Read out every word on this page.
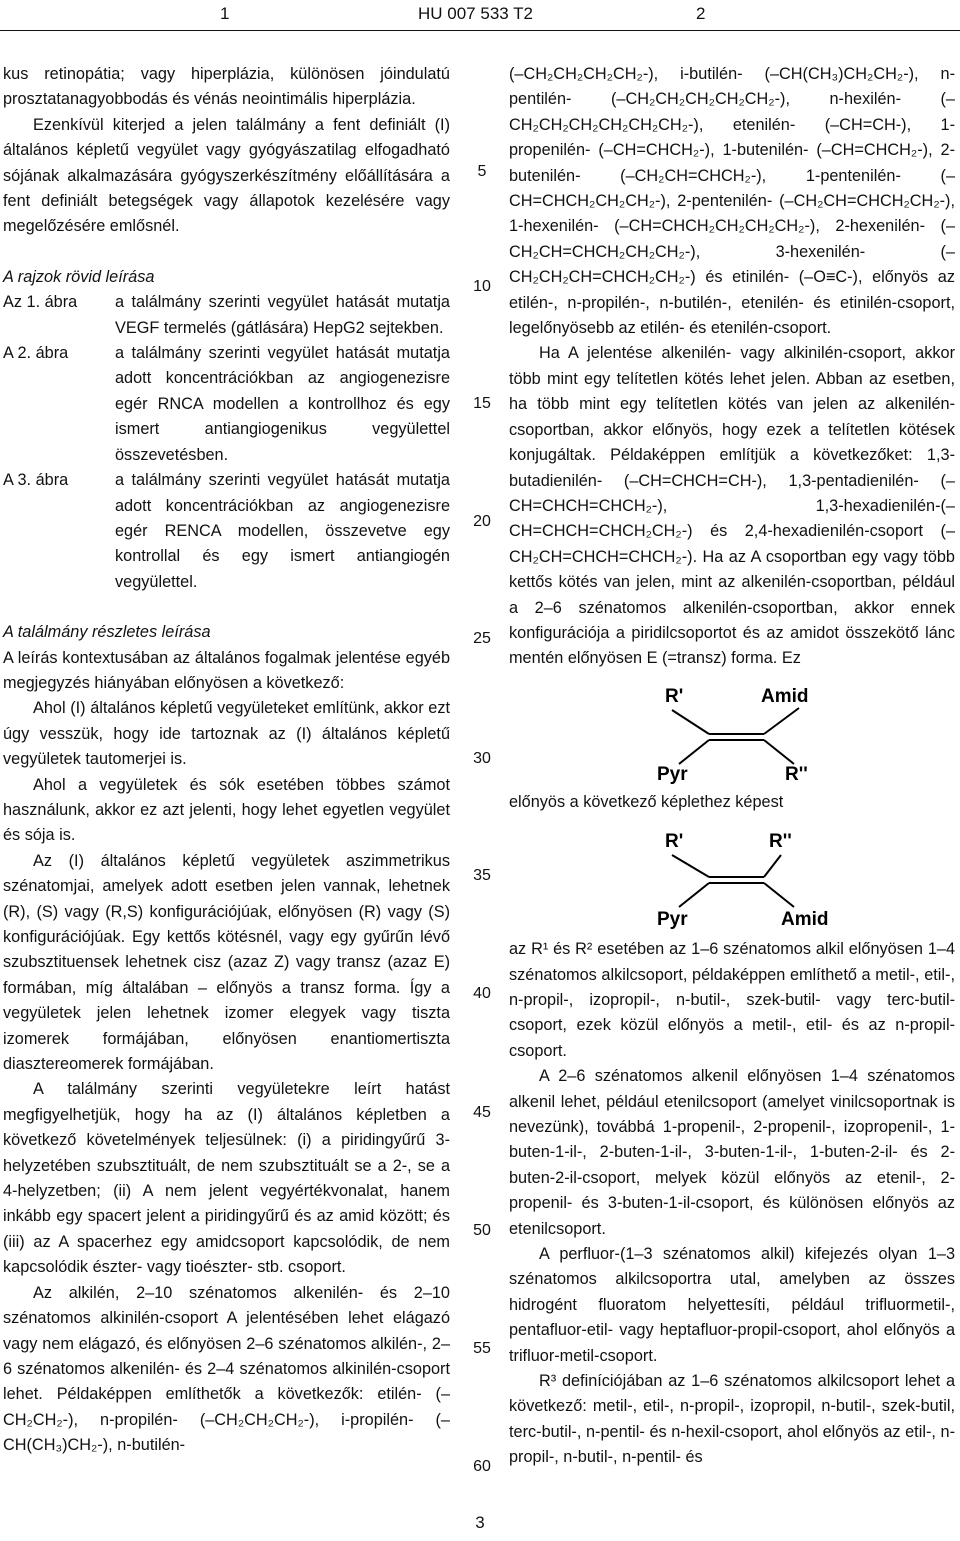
1	HU 007 533 T2	2

kus retinopátia; vagy hiperplázia, különösen jóindulatú prosztatanagyobbodás és vénás neointimális hiperplázia.

Ezenkívül kiterjed a jelen találmány a fent definiált (I) általános képletű vegyület vagy gyógyászatilag elfogadható sójának alkalmazására gyógyszerkészítmény előállítására a fent definiált betegségek vagy állapotok kezelésére vagy megelőzésére emlősnél.

A rajzok rövid leírása

Az 1. ábra	a találmány szerinti vegyület hatását mutatja VEGF termelés (gátlására) HepG2 sejtekben.
A 2. ábra	a találmány szerinti vegyület hatását mutatja adott koncentrációkban az angiogenezisre egér RNCA modellen a kontrollhoz és egy ismert antiangiogenikus vegyülettel összevetésben.
A 3. ábra	a találmány szerinti vegyület hatását mutatja adott koncentrációkban az angiogenezisre egér RENCA modellen, összevetve egy kontrollal és egy ismert antiangiogén vegyülettel.

A találmány részletes leírása

A leírás kontextusában az általános fogalmak jelentése egyéb megjegyzés hiányában előnyösen a következő:

Ahol (I) általános képletű vegyületeket említünk, akkor ezt úgy vesszük, hogy ide tartoznak az (I) általános képletű vegyületek tautomerjei is.

Ahol a vegyületek és sók esetében többes számot használunk, akkor ez azt jelenti, hogy lehet egyetlen vegyület és sója is.

Az (I) általános képletű vegyületek aszimmetrikus szénatomjai, amelyek adott esetben jelen vannak, lehetnek (R), (S) vagy (R,S) konfigurációjúak, előnyösen (R) vagy (S) konfigurációjúak. Egy kettős kötésnél, vagy egy gyűrűn lévő szubsztituensek lehetnek cisz (azaz Z) vagy transz (azaz E) formában, míg általában – előnyös a transz forma. Így a vegyületek jelen lehetnek izomer elegyek vagy tiszta izomerek formájában, előnyösen enantiomertiszta diasztereomerek formájában.

A találmány szerinti vegyületekre leírt hatást megfigyelhetjük, hogy ha az (I) általános képletben a következő követelmények teljesülnek: (i) a piridingyűrű 3-helyzetében szubsztituált, de nem szubsztituált se a 2-, se a 4-helyzetben; (ii) A nem jelent vegyértékvonalat, hanem inkább egy spacert jelent a piridingyűrű és az amid között; és (iii) az A spacerhez egy amidcsoport kapcsolódik, de nem kapcsolódik észter- vagy tioészter- stb. csoport.

Az alkilén, 2–10 szénatomos alkenilén- és 2–10 szénatomos alkinilén-csoport A jelentésében lehet elágazó vagy nem elágazó, és előnyösen 2–6 szénatomos alkilén-, 2–6 szénatomos alkenilén- és 2–4 szénatomos alkinilén-csoport lehet. Példaképpen említhetők a következők: etilén- (–CH₂CH₂-), n-propilén- (–CH₂CH₂CH₂-), i-propilén- (–CH(CH₃)CH₂-), n-butilén-

5
10
15
20
25
30
35
40
45
50
55
60

(–CH₂CH₂CH₂CH₂-), i-butilén- (–CH(CH₃)CH₂CH₂-), n-pentilén- (–CH₂CH₂CH₂CH₂CH₂-), n-hexilén- (–CH₂CH₂CH₂CH₂CH₂CH₂-), etenilén- (–CH=CH-), 1-propenilén- (–CH=CHCH₂-), 1-butenilén- (–CH=CHCH₂-), 2-butenilén- (–CH₂CH=CHCH₂-), 1-pentenilén- (–CH=CHCH₂CH₂CH₂-), 2-pentenilén- (–CH₂CH=CHCH₂CH₂-), 1-hexenilén- (–CH=CHCH₂CH₂CH₂CH₂-), 2-hexenilén- (–CH₂CH=CHCH₂CH₂CH₂-), 3-hexenilén- (–CH₂CH₂CH=CHCH₂CH₂-) és etinilén- (–O≡C-), előnyös az etilén-, n-propilén-, n-butilén-, etenilén- és etinilén-csoport, legelőnyösebb az etilén- és etenilén-csoport.

Ha A jelentése alkenilén- vagy alkinilén-csoport, akkor több mint egy telítetlen kötés lehet jelen. Abban az esetben, ha több mint egy telítetlen kötés van jelen az alkenilén-csoportban, akkor előnyös, hogy ezek a telítetlen kötések konjugáltak. Példaképpen említjük a következőket: 1,3-butadienilén- (–CH=CHCH=CH-), 1,3-pentadienilén- (–CH=CHCH=CHCH₂-), 1,3-hexadienilén-(–CH=CHCH=CHCH₂CH₂-) és 2,4-hexadienilén-csoport (–CH₂CH=CHCH=CHCH₂-). Ha az A csoportban egy vagy több kettős kötés van jelen, mint az alkenilén-csoportban, például a 2–6 szénatomos alkenilén-csoportban, akkor ennek konfigurációja a piridilcsoportot és az amidot összekötő lánc mentén előnyösen E (=transz) forma. Ez

R'	Amid
Pyr	R''

előnyös a következő képlethez képest

R'	R''
Pyr	Amid

az R¹ és R² esetében az 1–6 szénatomos alkil előnyösen 1–4 szénatomos alkilcsoport, példaképpen említhető a metil-, etil-, n-propil-, izopropil-, n-butil-, szek-butil- vagy terc-butil-csoport, ezek közül előnyös a metil-, etil- és az n-propil-csoport.

A 2–6 szénatomos alkenil előnyösen 1–4 szénatomos alkenil lehet, például etenilcsoport (amelyet vinilcsoportnak is nevezünk), továbbá 1-propenil-, 2-propenil-, izopropenil-, 1-buten-1-il-, 2-buten-1-il-, 3-buten-1-il-, 1-buten-2-il- és 2-buten-2-il-csoport, melyek közül előnyös az etenil-, 2-propenil- és 3-buten-1-il-csoport, és különösen előnyös az etenilcsoport.

A perfluor-(1–3 szénatomos alkil) kifejezés olyan 1–3 szénatomos alkilcsoportra utal, amelyben az összes hidrogént fluoratom helyettesíti, például trifluormetil-, pentafluor-etil- vagy heptafluor-propil-csoport, ahol előnyös a trifluor-metil-csoport.

R³ definíciójában az 1–6 szénatomos alkilcsoport lehet a következő: metil-, etil-, n-propil-, izopropil, n-butil-, szek-butil, terc-butil-, n-pentil- és n-hexil-csoport, ahol előnyös az etil-, n-propil-, n-butil-, n-pentil- és

3
